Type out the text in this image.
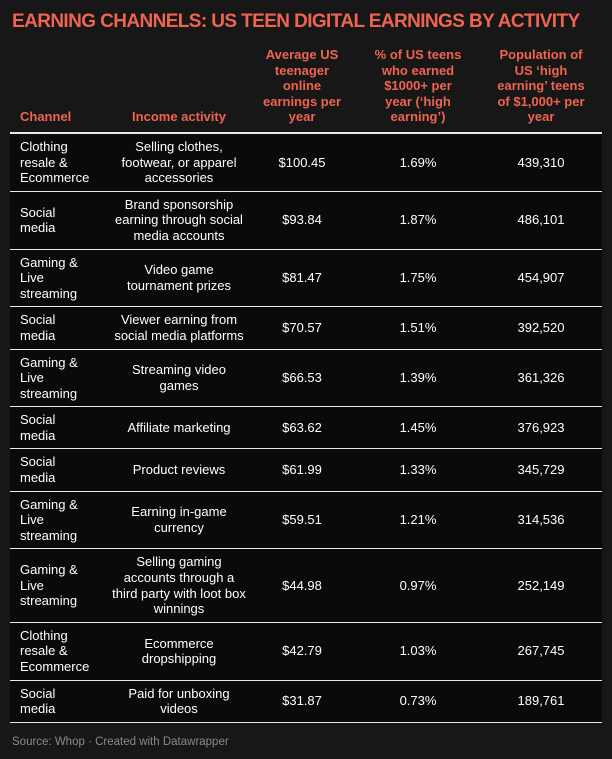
EARNING CHANNELS: US TEEN DIGITAL EARNINGS BY ACTIVITY
Channel	Income activity	Average US teenager online earnings per year	% of US teens who earned $1000+ per year (‘high earning’)	Population of US ‘high earning’ teens of $1,000+ per year
Clothing resale & Ecommerce	Selling clothes, footwear, or apparel accessories	$100.45	1.69%	439,310
Social media	Brand sponsorship earning through social media accounts	$93.84	1.87%	486,101
Gaming & Live streaming	Video game tournament prizes	$81.47	1.75%	454,907
Social media	Viewer earning from social media platforms	$70.57	1.51%	392,520
Gaming & Live streaming	Streaming video games	$66.53	1.39%	361,326
Social media	Affiliate marketing	$63.62	1.45%	376,923
Social media	Product reviews	$61.99	1.33%	345,729
Gaming & Live streaming	Earning in-game currency	$59.51	1.21%	314,536
Gaming & Live streaming	Selling gaming accounts through a third party with loot box winnings	$44.98	0.97%	252,149
Clothing resale & Ecommerce	Ecommerce dropshipping	$42.79	1.03%	267,745
Social media	Paid for unboxing videos	$31.87	0.73%	189,761
Source: Whop · Created with Datawrapper
